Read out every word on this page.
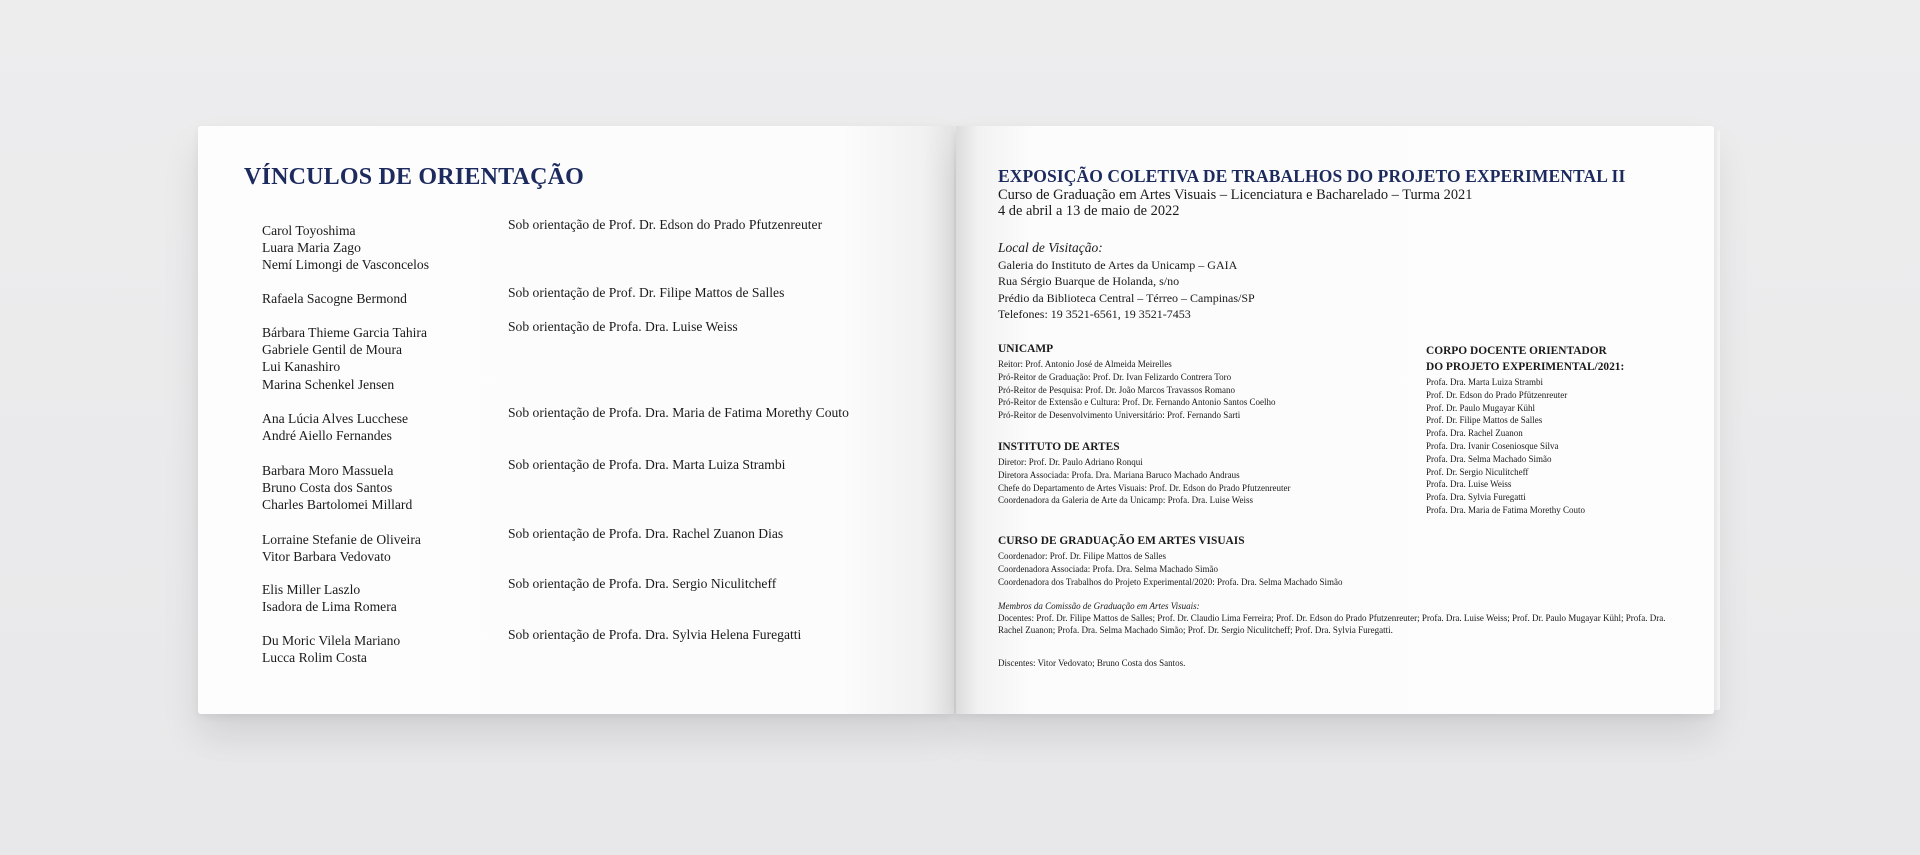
VÍNCULOS DE ORIENTAÇÃO
Carol Toyoshima
Luara Maria Zago
Nemí Limongi de Vasconcelos
Sob orientação de Prof. Dr. Edson do Prado Pfutzenreuter
Rafaela Sacogne Bermond	Sob orientação de Prof. Dr. Filipe Mattos de Salles
Bárbara Thieme Garcia Tahira
Gabriele Gentil de Moura
Lui Kanashiro
Marina Schenkel Jensen
Sob orientação de Profa. Dra. Luise Weiss
Ana Lúcia Alves Lucchese
André Aiello Fernandes
Sob orientação de Profa. Dra. Maria de Fatima Morethy Couto
Barbara Moro Massuela
Bruno Costa dos Santos
Charles Bartolomei Millard
Sob orientação de Profa. Dra. Marta Luiza Strambi
Lorraine Stefanie de Oliveira
Vitor Barbara Vedovato
Sob orientação de Profa. Dra. Rachel Zuanon Dias
Elis Miller Laszlo
Isadora de Lima Romera
Sob orientação de Profa. Dra. Sergio Niculitcheff
Du Moric Vilela Mariano
Lucca Rolim Costa
Sob orientação de Profa. Dra. Sylvia Helena Furegatti
EXPOSIÇÃO COLETIVA DE TRABALHOS DO PROJETO EXPERIMENTAL II
Curso de Graduação em Artes Visuais – Licenciatura e Bacharelado – Turma 2021
4 de abril a 13 de maio de 2022
Local de Visitação:
Galeria do Instituto de Artes da Unicamp – GAIA
Rua Sérgio Buarque de Holanda, s/no
Prédio da Biblioteca Central – Térreo – Campinas/SP
Telefones: 19 3521-6561, 19 3521-7453
UNICAMP
Reitor: Prof. Antonio José de Almeida Meirelles
Pró-Reitor de Graduação: Prof. Dr. Ivan Felizardo Contrera Toro
Pró-Reitor de Pesquisa: Prof. Dr. João Marcos Travassos Romano
Pró-Reitor de Extensão e Cultura: Prof. Dr. Fernando Antonio Santos Coelho
Pró-Reitor de Desenvolvimento Universitário: Prof. Fernando Sarti
INSTITUTO DE ARTES
Diretor: Prof. Dr. Paulo Adriano Ronqui
Diretora Associada: Profa. Dra. Mariana Baruco Machado Andraus
Chefe do Departamento de Artes Visuais: Prof. Dr. Edson do Prado Pfutzenreuter
Coordenadora da Galeria de Arte da Unicamp: Profa. Dra. Luise Weiss
CURSO DE GRADUAÇÃO EM ARTES VISUAIS
Coordenador: Prof. Dr. Filipe Mattos de Salles
Coordenadora Associada: Profa. Dra. Selma Machado Simão
Coordenadora dos Trabalhos do Projeto Experimental/2020: Profa. Dra. Selma Machado Simão
CORPO DOCENTE ORIENTADOR
DO PROJETO EXPERIMENTAL/2021:
Profa. Dra. Marta Luiza Strambi
Prof. Dr. Edson do Prado Pfützenreuter
Prof. Dr. Paulo Mugayar Kühl
Prof. Dr. Filipe Mattos de Salles
Profa. Dra. Rachel Zuanon
Profa. Dra. Ivanir Coseniosque Silva
Profa. Dra. Selma Machado Simão
Prof. Dr. Sergio Niculitcheff
Profa. Dra. Luise Weiss
Profa. Dra. Sylvia Furegatti
Profa. Dra. Maria de Fatima Morethy Couto
Membros da Comissão de Graduação em Artes Visuais:
Docentes: Prof. Dr. Filipe Mattos de Salles; Prof. Dr. Claudio Lima Ferreira; Prof. Dr. Edson do Prado Pfutzenreuter; Profa. Dra. Luise Weiss; Prof. Dr. Paulo Mugayar Kühl; Profa. Dra. Rachel Zuanon; Profa. Dra. Selma Machado Simão; Prof. Dr. Sergio Niculitcheff; Prof. Dra. Sylvia Furegatti.
Discentes: Vitor Vedovato; Bruno Costa dos Santos.
